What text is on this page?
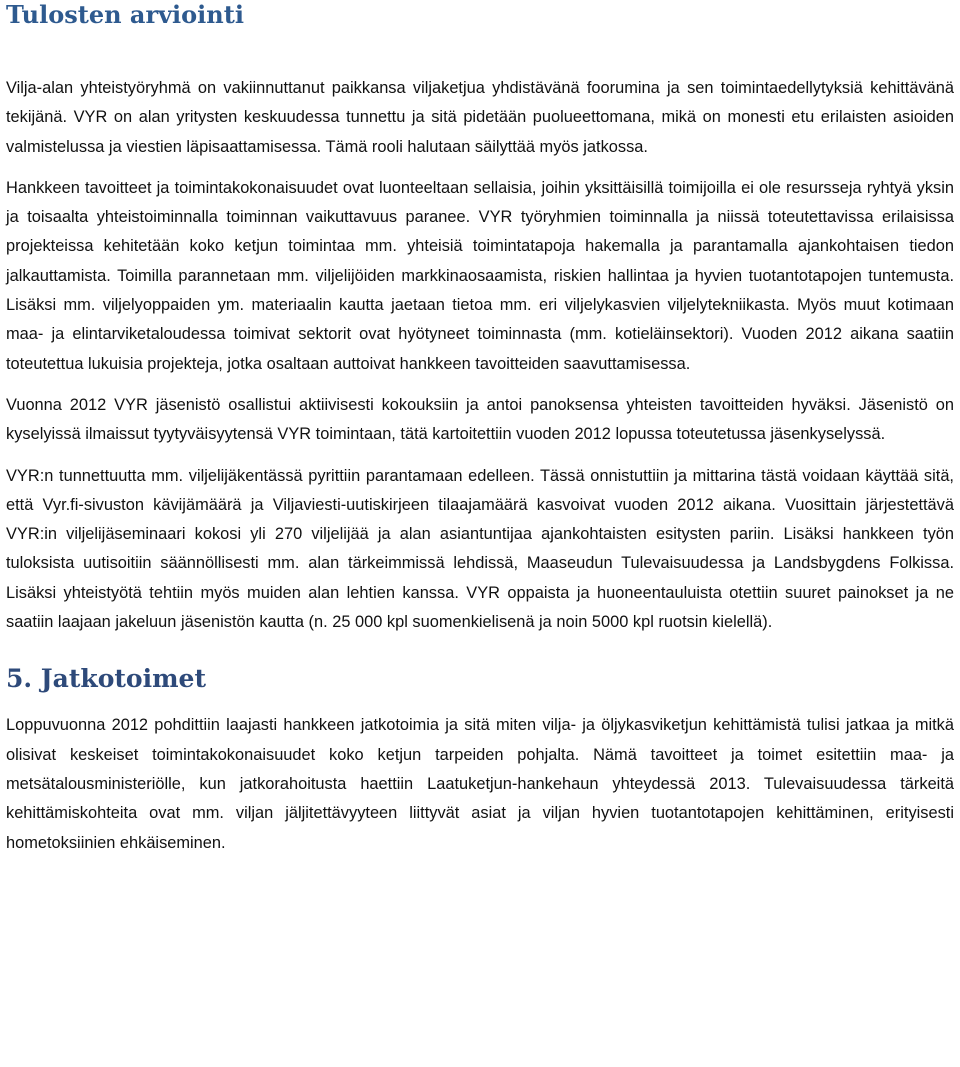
Tulosten arviointi

Vilja-alan yhteistyöryhmä on vakiinnuttanut paikkansa viljaketjua yhdistävänä foorumina ja sen toimintaedellytyksiä kehittävänä tekijänä. VYR on alan yritysten keskuudessa tunnettu ja sitä pidetään puolueettomana, mikä on monesti etu erilaisten asioiden valmistelussa ja viestien läpisaattamisessa. Tämä rooli halutaan säilyttää myös jatkossa.

Hankkeen tavoitteet ja toimintakokonaisuudet ovat luonteeltaan sellaisia, joihin yksittäisillä toimijoilla ei ole resursseja ryhtyä yksin ja toisaalta yhteistoiminnalla toiminnan vaikuttavuus paranee. VYR työryhmien toiminnalla ja niissä toteutettavissa erilaisissa projekteissa kehitetään koko ketjun toimintaa mm. yhteisiä toimintatapoja hakemalla ja parantamalla ajankohtaisen tiedon jalkauttamista. Toimilla parannetaan mm. viljelijöiden markkinaosaamista, riskien hallintaa ja hyvien tuotantotapojen tuntemusta. Lisäksi mm. viljelyoppaiden ym. materiaalin kautta jaetaan tietoa mm. eri viljelykasvien viljelytekniikasta. Myös muut kotimaan maa- ja elintarviketaloudessa toimivat sektorit ovat hyötyneet toiminnasta (mm. kotieläinsektori). Vuoden 2012 aikana saatiin toteutettua lukuisia projekteja, jotka osaltaan auttoivat hankkeen tavoitteiden saavuttamisessa.

Vuonna 2012 VYR jäsenistö osallistui aktiivisesti kokouksiin ja antoi panoksensa yhteisten tavoitteiden hyväksi. Jäsenistö on kyselyissä ilmaissut tyytyväisyytensä VYR toimintaan, tätä kartoitettiin vuoden 2012 lopussa toteutetussa jäsenkyselyssä.

VYR:n tunnettuutta mm. viljelijäkentässä pyrittiin parantamaan edelleen. Tässä onnistuttiin ja mittarina tästä voidaan käyttää sitä, että Vyr.fi-sivuston kävijämäärä ja Viljaviesti-uutiskirjeen tilaajamäärä kasvoivat vuoden 2012 aikana. Vuosittain järjestettävä VYR:in viljelijäseminaari kokosi yli 270 viljelijää ja alan asiantuntijaa ajankohtaisten esitysten pariin. Lisäksi hankkeen työn tuloksista uutisoitiin säännöllisesti mm. alan tärkeimmissä lehdissä, Maaseudun Tulevaisuudessa ja Landsbygdens Folkissa. Lisäksi yhteistyötä tehtiin myös muiden alan lehtien kanssa. VYR oppaista ja huoneentauluista otettiin suuret painokset ja ne saatiin laajaan jakeluun jäsenistön kautta (n. 25 000 kpl suomenkielisenä ja noin 5000 kpl ruotsin kielellä).

5. Jatkotoimet

Loppuvuonna 2012 pohdittiin laajasti hankkeen jatkotoimia ja sitä miten vilja- ja öljykasviketjun kehittämistä tulisi jatkaa ja mitkä olisivat keskeiset toimintakokonaisuudet koko ketjun tarpeiden pohjalta. Nämä tavoitteet ja toimet esitettiin maa- ja metsätalousministeriölle, kun jatkorahoitusta haettiin Laatuketjun-hankehaun yhteydessä 2013. Tulevaisuudessa tärkeitä kehittämiskohteita ovat mm. viljan jäljitettävyyteen liittyvät asiat ja viljan hyvien tuotantotapojen kehittäminen, erityisesti hometoksiinien ehkäiseminen.
